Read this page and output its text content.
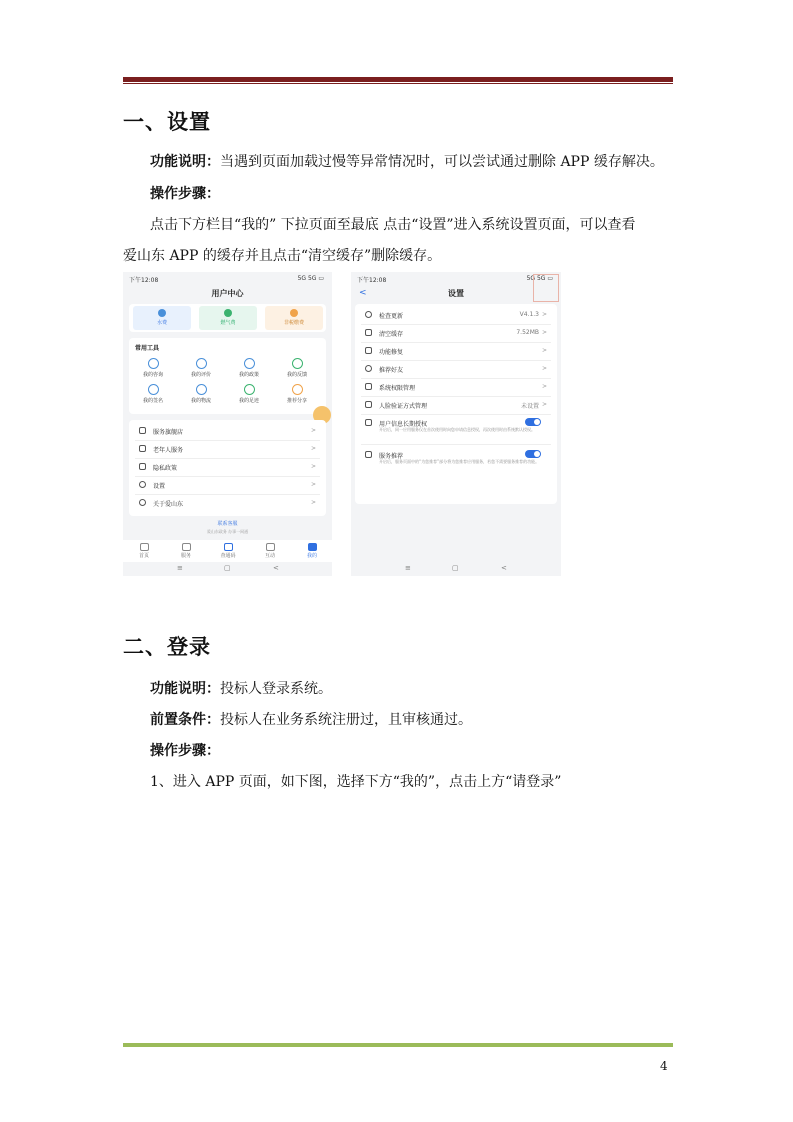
一、设置
功能说明：当遇到页面加载过慢等异常情况时，可以尝试通过删除 APP 缓存解决。
操作步骤：
点击下方栏目“我的” 下拉页面至最底 点击“设置”进入系统设置页面，可以查看
爱山东 APP 的缓存并且点击“清空缓存”删除缓存。
下午12:08	5G 5G ▭
用户中心
水费	燃气费	非税缴费
常用工具
我的咨询	我的评价	我的政策	我的反馈
我的签名	我的物流	我的足迹	推荐分享
服务旗舰店	>
老年人服务	>
隐私政策	>
设置	>
关于爱山东	>
联系客服
爱山东政务 办事一网通
首页	服务	查通码	互动	我的
≡	▢	<
下午12:08	5G 5G ▭
<	设置
检查更新	V4.1.3 >
清空缓存	7.52MB >
功能修复	>
推荐好友	>
系统权限管理	>
人脸验证方式管理	未设置 >
用户信息长期授权
开启后，同一应用服务仅在首次使用时向您申请信息授权，再次使用时由系统默认授权。
服务推荐
开启后，服务页面中的“为您推荐”部分将为您推荐应用服务，若您不需要服务推荐的功能。
≡	▢	<
二、登录
功能说明：投标人登录系统。
前置条件：投标人在业务系统注册过，且审核通过。
操作步骤：
1、进入 APP 页面，如下图，选择下方“我的”，点击上方“请登录”
4
